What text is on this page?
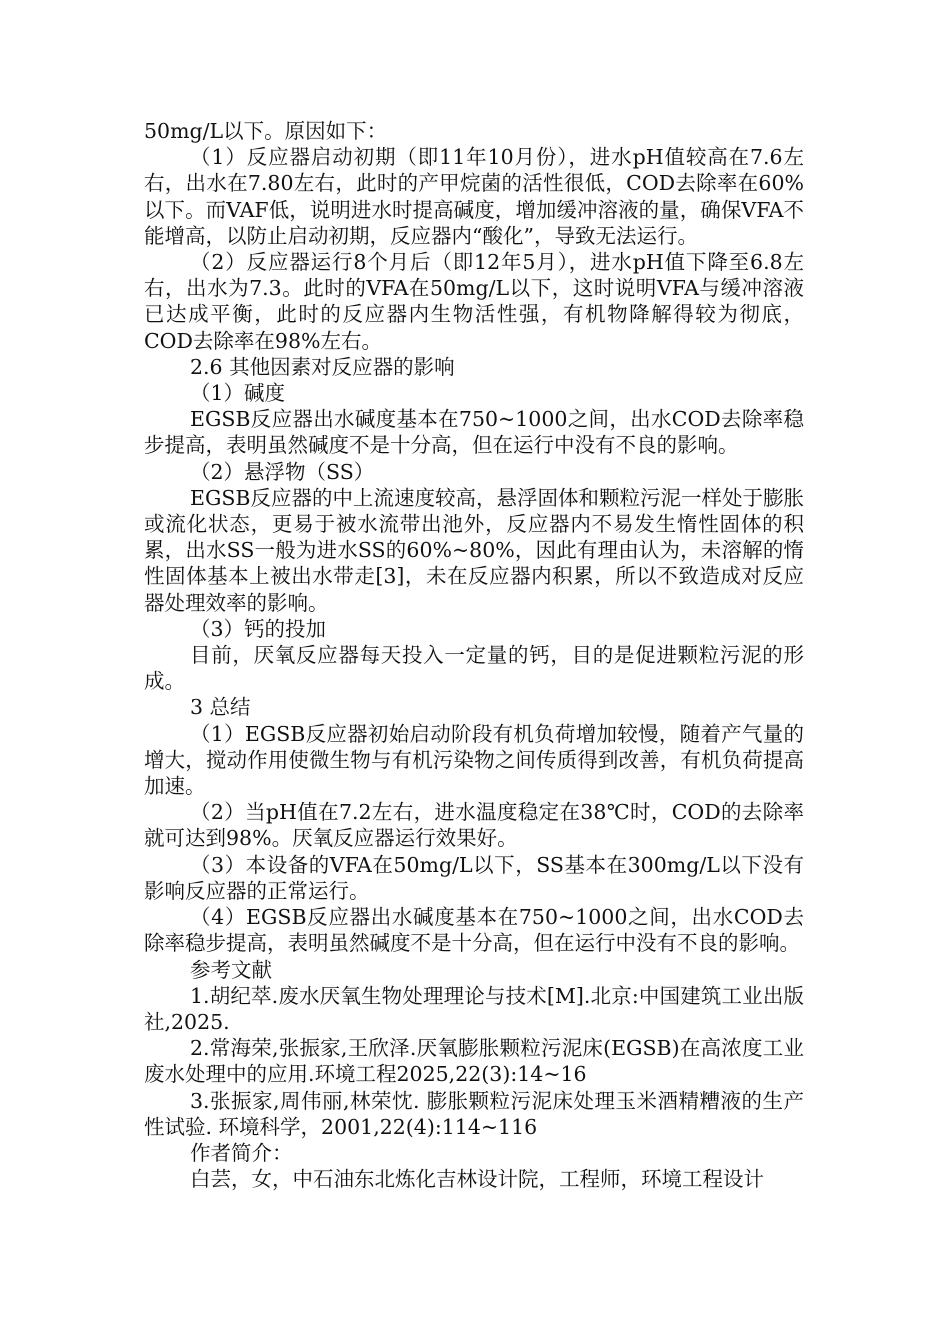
50mg/L以下。原因如下：

（1）反应器启动初期（即11年10月份），进水pH值较高在7.6左右，出水在7.80左右，此时的产甲烷菌的活性很低，COD去除率在60%以下。而VAF低，说明进水时提高碱度，增加缓冲溶液的量，确保VFA不能增高，以防止启动初期，反应器内“酸化”，导致无法运行。

（2）反应器运行8个月后（即12年5月），进水pH值下降至6.8左右，出水为7.3。此时的VFA在50mg/L以下，这时说明VFA与缓冲溶液已达成平衡，此时的反应器内生物活性强，有机物降解得较为彻底，COD去除率在98%左右。

2.6 其他因素对反应器的影响

（1）碱度

EGSB反应器出水碱度基本在750~1000之间，出水COD去除率稳步提高，表明虽然碱度不是十分高，但在运行中没有不良的影响。

（2）悬浮物（SS）

EGSB反应器的中上流速度较高，悬浮固体和颗粒污泥一样处于膨胀或流化状态，更易于被水流带出池外，反应器内不易发生惰性固体的积累，出水SS一般为进水SS的60%~80%，因此有理由认为，未溶解的惰性固体基本上被出水带走[3]，未在反应器内积累，所以不致造成对反应器处理效率的影响。

（3）钙的投加

目前，厌氧反应器每天投入一定量的钙，目的是促进颗粒污泥的形成。

3 总结

（1）EGSB反应器初始启动阶段有机负荷增加较慢，随着产气量的增大，搅动作用使微生物与有机污染物之间传质得到改善，有机负荷提高加速。

（2）当pH值在7.2左右，进水温度稳定在38℃时，COD的去除率就可达到98%。厌氧反应器运行效果好。

（3）本设备的VFA在50mg/L以下，SS基本在300mg/L以下没有影响反应器的正常运行。

（4）EGSB反应器出水碱度基本在750~1000之间，出水COD去除率稳步提高，表明虽然碱度不是十分高，但在运行中没有不良的影响。

参考文献

1.胡纪萃.废水厌氧生物处理理论与技术[M].北京:中国建筑工业出版社,2025.

2.常海荣,张振家,王欣泽.厌氧膨胀颗粒污泥床(EGSB)在高浓度工业废水处理中的应用.环境工程2025,22(3):14~16

3.张振家,周伟丽,林荣忱. 膨胀颗粒污泥床处理玉米酒精糟液的生产性试验. 环境科学，2001,22(4):114~116

作者简介：

白芸，女，中石油东北炼化吉林设计院，工程师，环境工程设计
